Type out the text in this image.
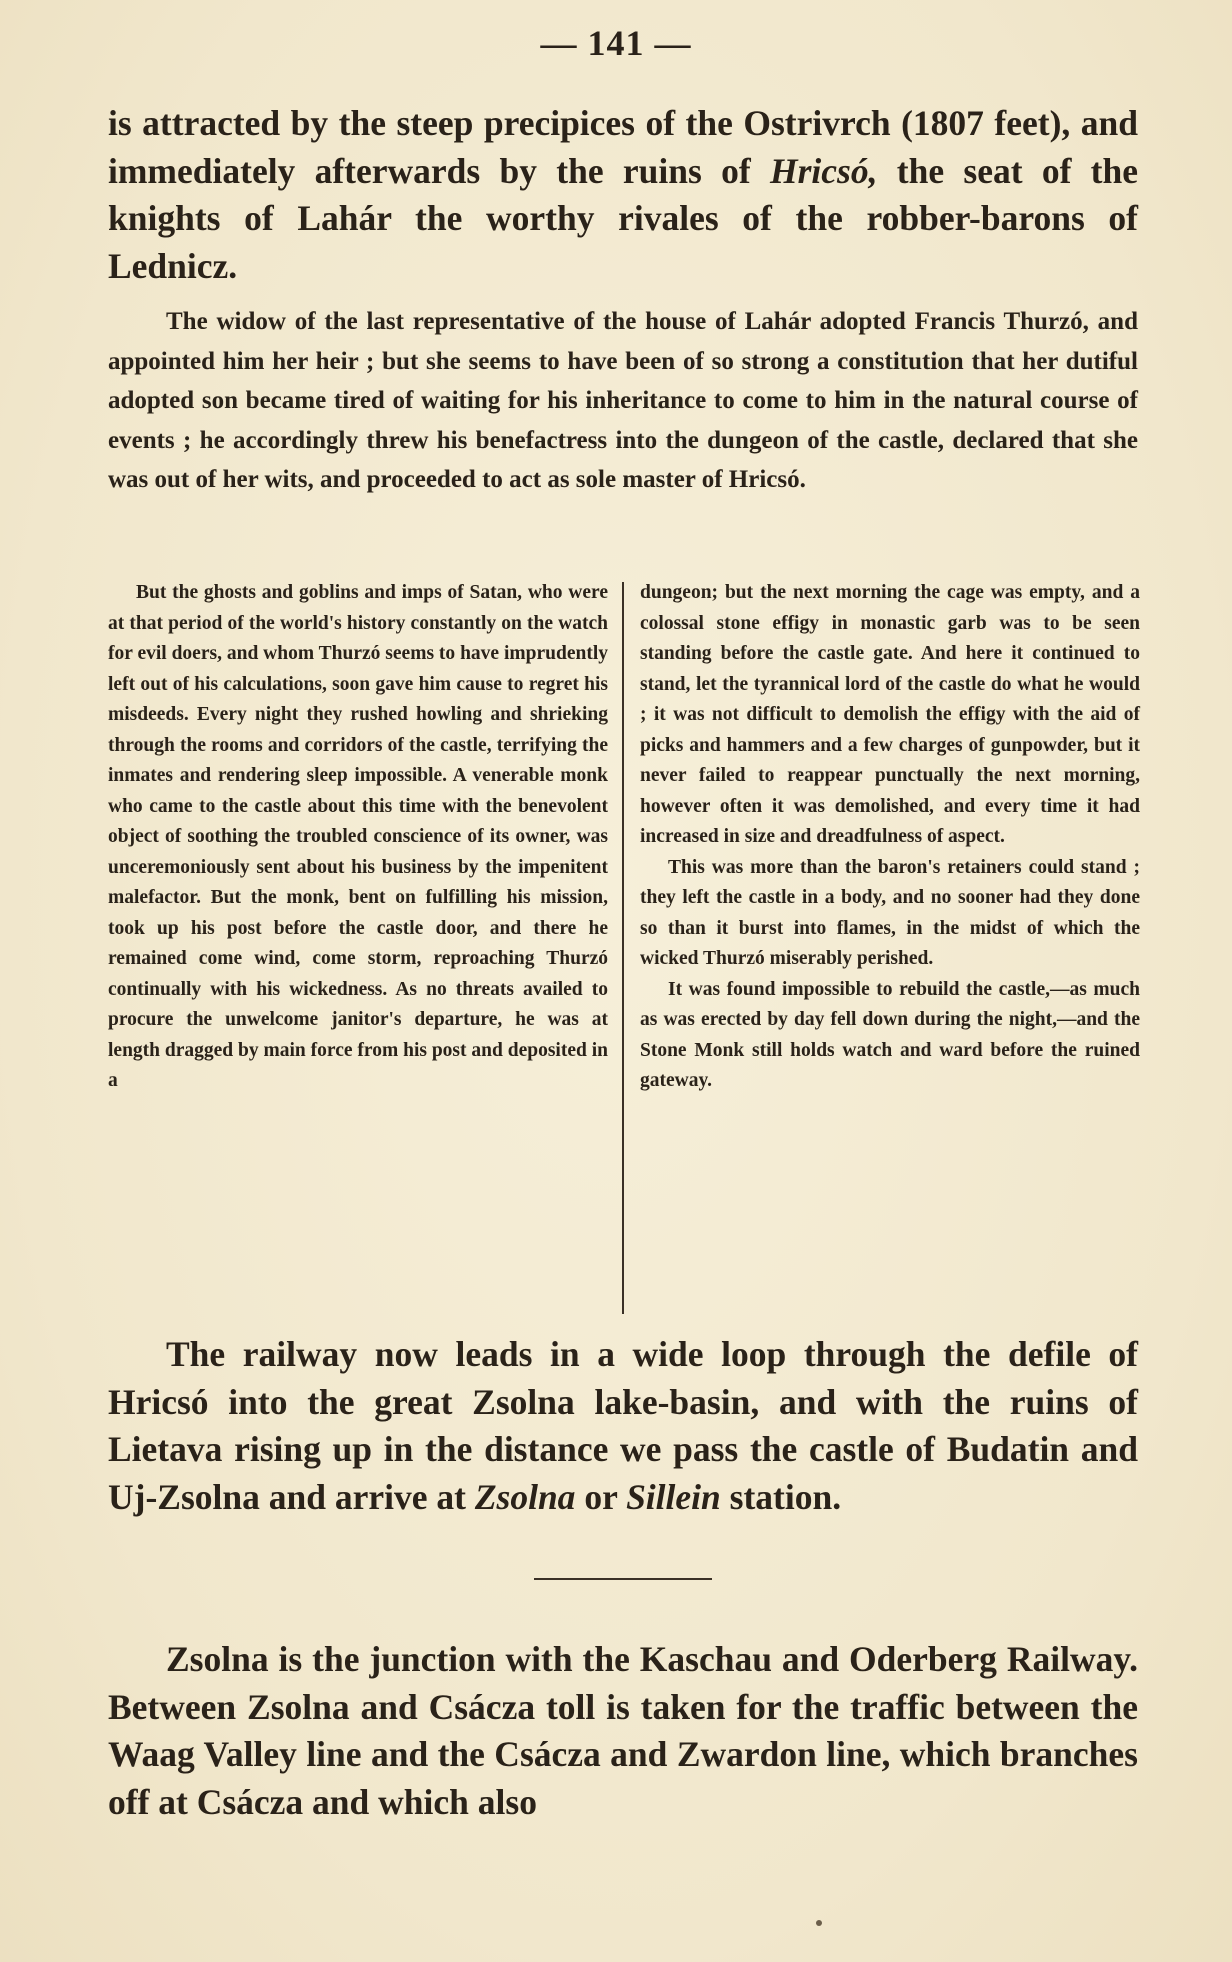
— 141 —

is attracted by the steep precipices of the Ostrivrch (1807 feet), and immediately afterwards by the ruins of Hricsó, the seat of the knights of Lahár the worthy rivales of the robber-barons of Lednicz.

The widow of the last representative of the house of Lahár adopted Francis Thurzó, and appointed him her heir ; but she seems to have been of so strong a constitution that her dutiful adopted son became tired of waiting for his inheritance to come to him in the natural course of events ; he accordingly threw his benefactress into the dungeon of the castle, declared that she was out of her wits, and proceeded to act as sole master of Hricsó.

But the ghosts and goblins and imps of Satan, who were at that period of the world's history constantly on the watch for evil doers, and whom Thurzó seems to have imprudently left out of his calculations, soon gave him cause to regret his misdeeds. Every night they rushed howling and shrieking through the rooms and corridors of the castle, terrifying the inmates and rendering sleep impossible. A venerable monk who came to the castle about this time with the benevolent object of soothing the troubled conscience of its owner, was unceremoniously sent about his business by the impenitent malefactor. But the monk, bent on fulfilling his mission, took up his post before the castle door, and there he remained come wind, come storm, reproaching Thurzó continually with his wickedness. As no threats availed to procure the unwelcome janitor's departure, he was at length dragged by main force from his post and deposited in a

dungeon; but the next morning the cage was empty, and a colossal stone effigy in monastic garb was to be seen standing before the castle gate. And here it continued to stand, let the tyrannical lord of the castle do what he would ; it was not difficult to demolish the effigy with the aid of picks and hammers and a few charges of gunpowder, but it never failed to reappear punctually the next morning, however often it was demolished, and every time it had increased in size and dreadfulness of aspect.

This was more than the baron's retainers could stand ; they left the castle in a body, and no sooner had they done so than it burst into flames, in the midst of which the wicked Thurzó miserably perished.

It was found impossible to rebuild the castle,—as much as was erected by day fell down during the night,—and the Stone Monk still holds watch and ward before the ruined gateway.

The railway now leads in a wide loop through the defile of Hricsó into the great Zsolna lake-basin, and with the ruins of Lietava rising up in the distance we pass the castle of Budatin and Uj-Zsolna and arrive at Zsolna or Sillein station.

Zsolna is the junction with the Kaschau and Oderberg Railway. Between Zsolna and Csácza toll is taken for the traffic between the Waag Valley line and the Csácza and Zwardon line, which branches off at Csácza and which also
